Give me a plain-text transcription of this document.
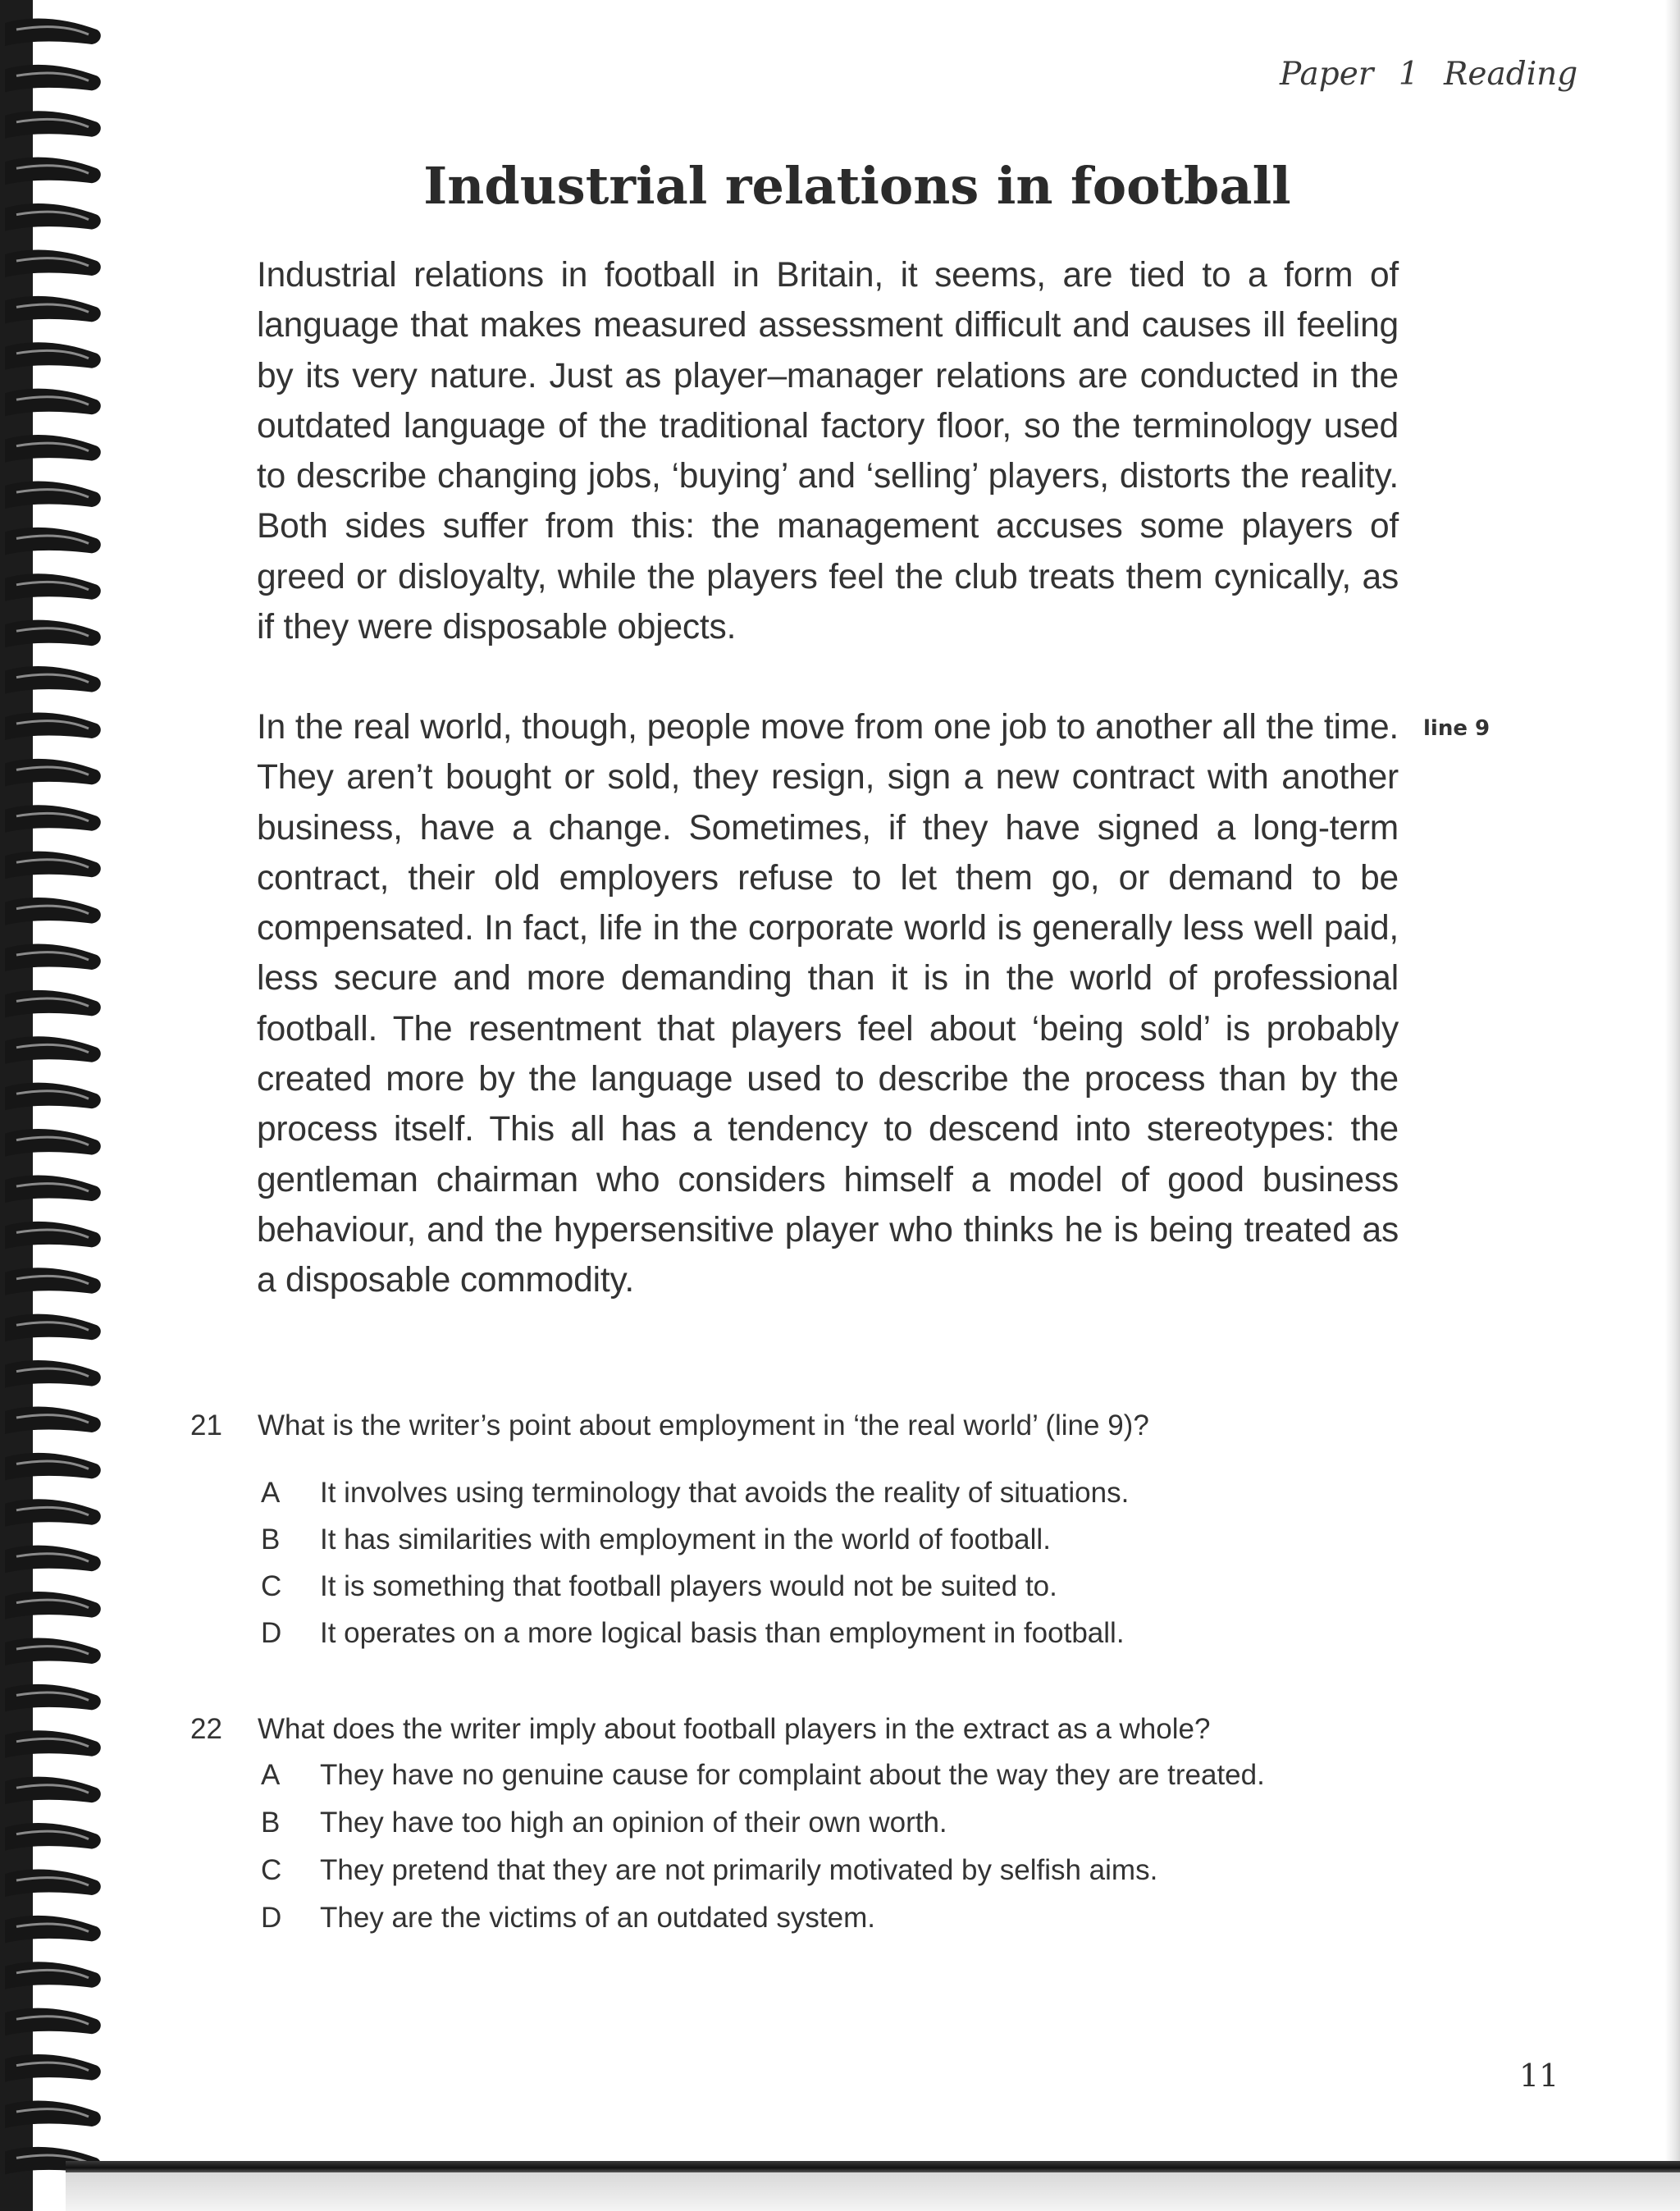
Paper 1 Reading
Industrial relations in football

Industrial relations in football in Britain, it seems, are tied to a form of language that makes measured assessment difficult and causes ill feeling by its very nature. Just as player–manager relations are conducted in the outdated language of the traditional factory floor, so the terminology used to describe changing jobs, ‘buying’ and ‘selling’ players, distorts the reality. Both sides suffer from this: the management accuses some players of greed or disloyalty, while the players feel the club treats them cynically, as if they were disposable objects.

In the real world, though, people move from one job to another all the time. They aren’t bought or sold, they resign, sign a new contract with another business, have a change. Sometimes, if they have signed a long-term contract, their old employers refuse to let them go, or demand to be compensated. In fact, life in the corporate world is generally less well paid, less secure and more demanding than it is in the world of professional football. The resentment that players feel about ‘being sold’ is probably created more by the language used to describe the process than by the process itself. This all has a tendency to descend into stereotypes: the gentleman chairman who considers himself a model of good business behaviour, and the hypersensitive player who thinks he is being treated as a disposable commodity.

line 9
21 What is the writer’s point about employment in ‘the real world’ (line 9)?
A It involves using terminology that avoids the reality of situations.
B It has similarities with employment in the world of football.
C It is something that football players would not be suited to.
D It operates on a more logical basis than employment in football.
22 What does the writer imply about football players in the extract as a whole?
A They have no genuine cause for complaint about the way they are treated.
B They have too high an opinion of their own worth.
C They pretend that they are not primarily motivated by selfish aims.
D They are the victims of an outdated system.
11
